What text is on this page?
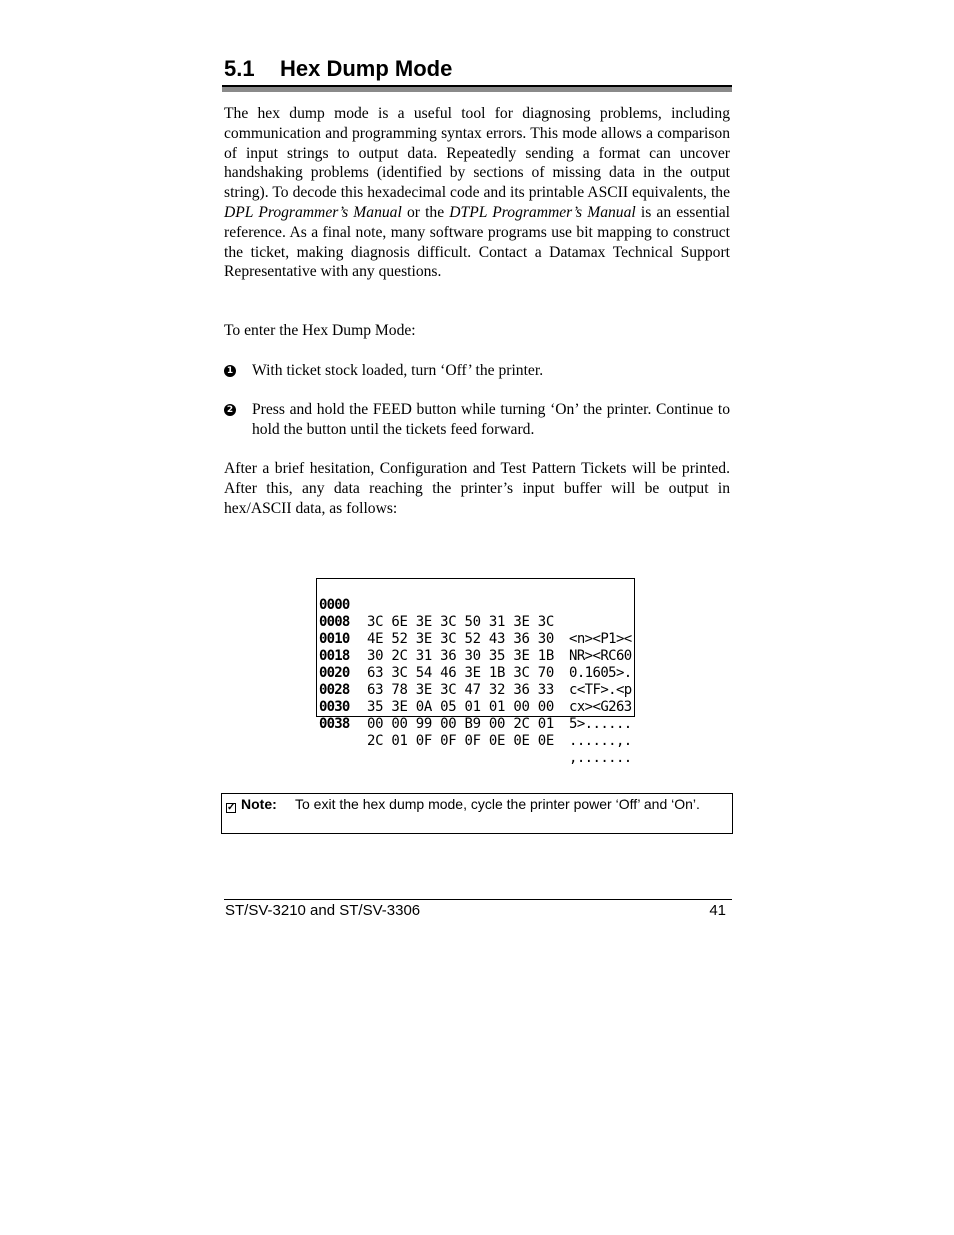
5.1 Hex Dump Mode

The hex dump mode is a useful tool for diagnosing problems, including communication and programming syntax errors. This mode allows a comparison of input strings to output data. Repeatedly sending a format can uncover handshaking problems (identified by sections of missing data in the output string). To decode this hexadecimal code and its printable ASCII equivalents, the DPL Programmer’s Manual or the DTPL Programmer’s Manual is an essential reference. As a final note, many software programs use bit mapping to construct the ticket, making diagnosis difficult. Contact a Datamax Technical Support Representative with any questions.

To enter the Hex Dump Mode:

1 With ticket stock loaded, turn ‘Off’ the printer.
2 Press and hold the FEED button while turning ‘On’ the printer. Continue to hold the button until the tickets feed forward.

After a brief hesitation, Configuration and Test Pattern Tickets will be printed. After this, any data reaching the printer’s input buffer will be output in hex/ASCII data, as follows:

0000

3C 6E 3E 3C 50 31 3E 3C

<n><P1><

0008

4E 52 3E 3C 52 43 36 30

NR><RC60

0010

30 2C 31 36 30 35 3E 1B

0.1605>.

0018

63 3C 54 46 3E 1B 3C 70

c<TF>.<p

0020

63 78 3E 3C 47 32 36 33

cx><G263

0028

35 3E 0A 05 01 01 00 00

5>......

0030

00 00 99 00 B9 00 2C 01

......,.

0038

2C 01 0F 0F 0F 0E 0E 0E

,.......

✓ Note: To exit the hex dump mode, cycle the printer power ‘Off’ and ‘On’.
ST/SV-3210 and ST/SV-3306	41
